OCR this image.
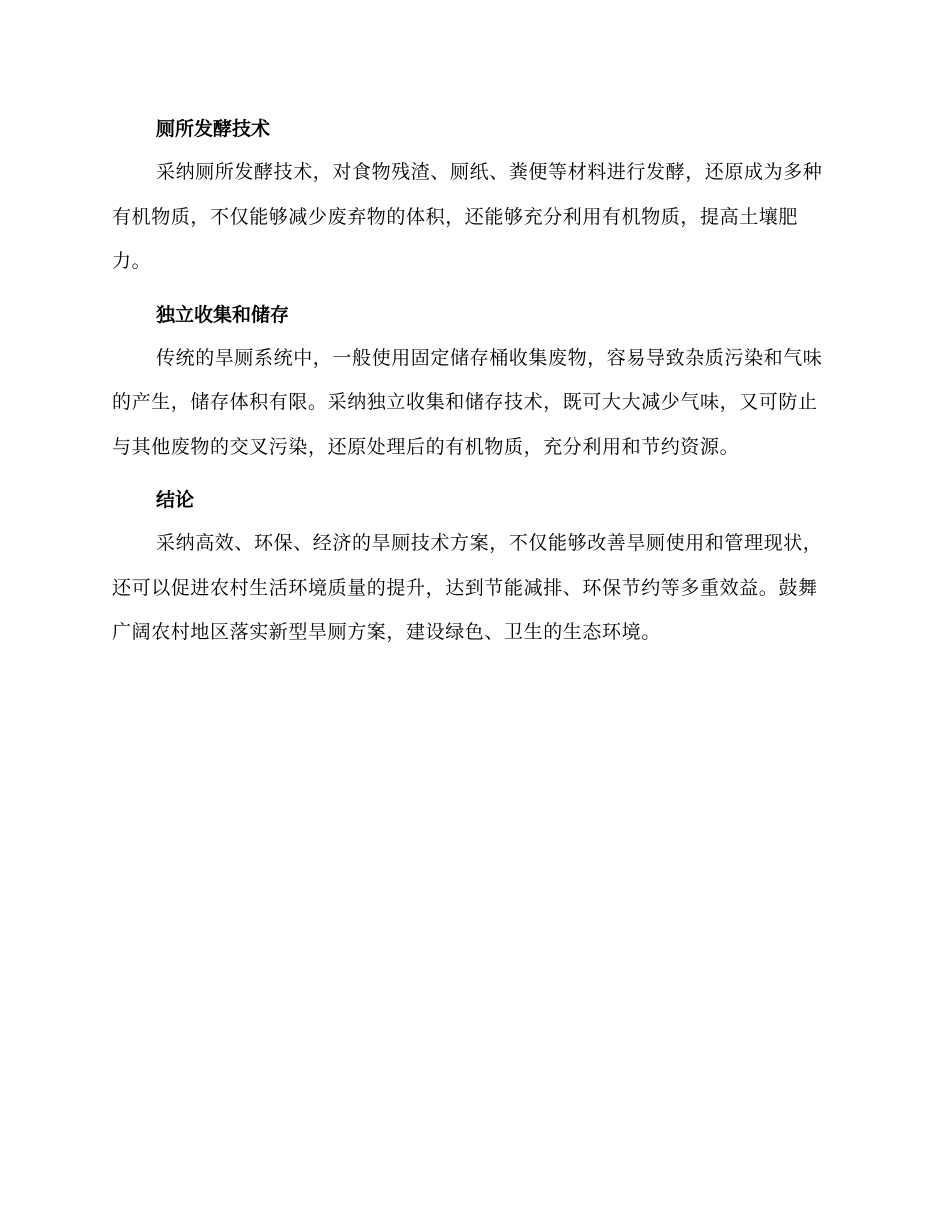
厕所发酵技术

采纳厕所发酵技术，对食物残渣、厕纸、粪便等材料进行发酵，还原成为多种有机物质，不仅能够减少废弃物的体积，还能够充分利用有机物质，提高土壤肥力。

独立收集和储存

传统的旱厕系统中，一般使用固定储存桶收集废物，容易导致杂质污染和气味的产生，储存体积有限。采纳独立收集和储存技术，既可大大减少气味，又可防止与其他废物的交叉污染，还原处理后的有机物质，充分利用和节约资源。

结论

采纳高效、环保、经济的旱厕技术方案，不仅能够改善旱厕使用和管理现状，还可以促进农村生活环境质量的提升，达到节能减排、环保节约等多重效益。鼓舞广阔农村地区落实新型旱厕方案，建设绿色、卫生的生态环境。
